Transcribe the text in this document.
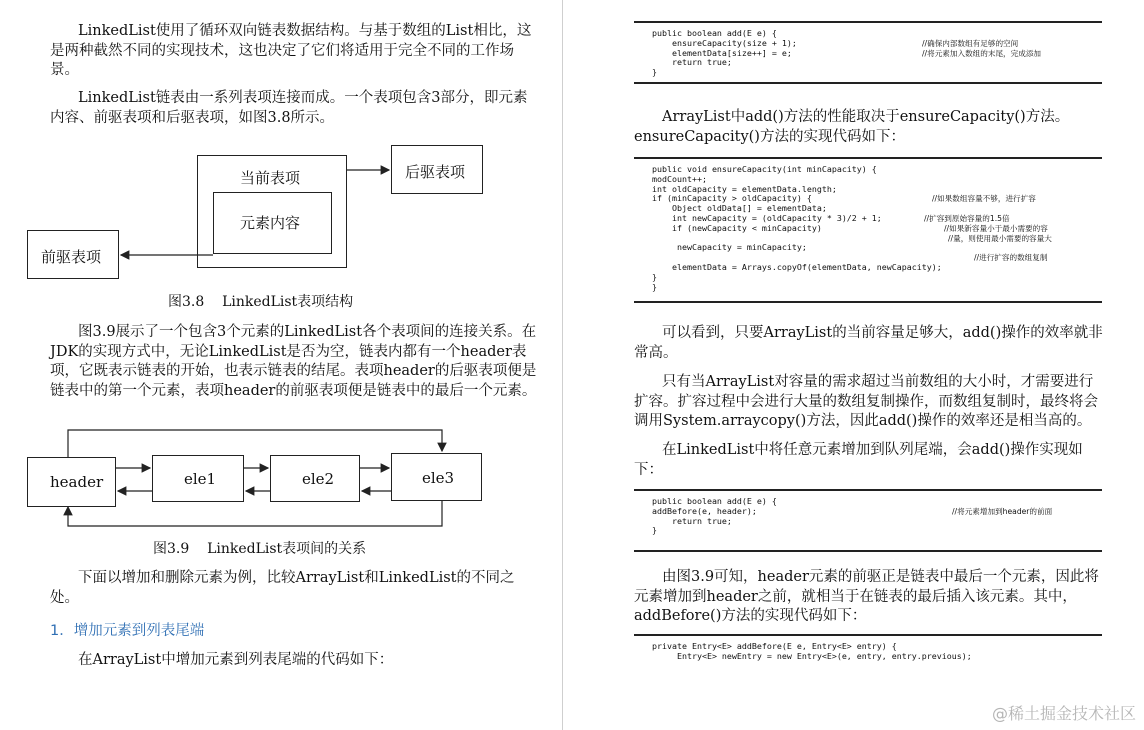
LinkedList使用了循环双向链表数据结构。与基于数组的List相比，这是两种截然不同的实现技术，这也决定了它们将适用于完全不同的工作场景。

LinkedList链表由一系列表项连接而成。一个表项包含3部分，即元素内容、前驱表项和后驱表项，如图3.8所示。

当前表项
元素内容
后驱表项
前驱表项
图3.8    LinkedList表项结构

图3.9展示了一个包含3个元素的LinkedList各个表项间的连接关系。在JDK的实现方式中，无论LinkedList是否为空，链表内都有一个header表项，它既表示链表的开始，也表示链表的结尾。表项header的后驱表项便是链表中的第一个元素，表项header的前驱表项便是链表中的最后一个元素。

header	ele1	ele2	ele3
图3.9    LinkedList表项间的关系

下面以增加和删除元素为例，比较ArrayList和LinkedList的不同之处。

1．增加元素到列表尾端

在ArrayList中增加元素到列表尾端的代码如下：

public boolean add(E e) {
ensureCapacity(size + 1);	//确保内部数组有足够的空间
elementData[size++] = e;	//将元素加入数组的末尾，完成添加
return true;
}

ArrayList中add()方法的性能取决于ensureCapacity()方法。ensureCapacity()方法的实现代码如下：

public void ensureCapacity(int minCapacity) {
modCount++;
int oldCapacity = elementData.length;
if (minCapacity > oldCapacity) {	//如果数组容量不够，进行扩容
Object oldData[] = elementData;
int newCapacity = (oldCapacity * 3)/2 + 1;	//扩容到原始容量的1.5倍
if (newCapacity < minCapacity)	//如果新容量小于最小需要的容
//量，则使用最小需要的容量大
newCapacity = minCapacity;
//进行扩容的数组复制
elementData = Arrays.copyOf(elementData, newCapacity);
}
}

可以看到，只要ArrayList的当前容量足够大，add()操作的效率就非常高。

只有当ArrayList对容量的需求超过当前数组的大小时，才需要进行扩容。扩容过程中会进行大量的数组复制操作，而数组复制时，最终将会调用System.arraycopy()方法，因此add()操作的效率还是相当高的。

在LinkedList中将任意元素增加到队列尾端，会add()操作实现如下：

public boolean add(E e) {
addBefore(e, header);	//将元素增加到header的前面
return true;
}

由图3.9可知，header元素的前驱正是链表中最后一个元素，因此将元素增加到header之前，就相当于在链表的最后插入该元素。其中，addBefore()方法的实现代码如下：

private Entry<E> addBefore(E e, Entry<E> entry) {
Entry<E> newEntry = new Entry<E>(e, entry, entry.previous);
@稀土掘金技术社区
